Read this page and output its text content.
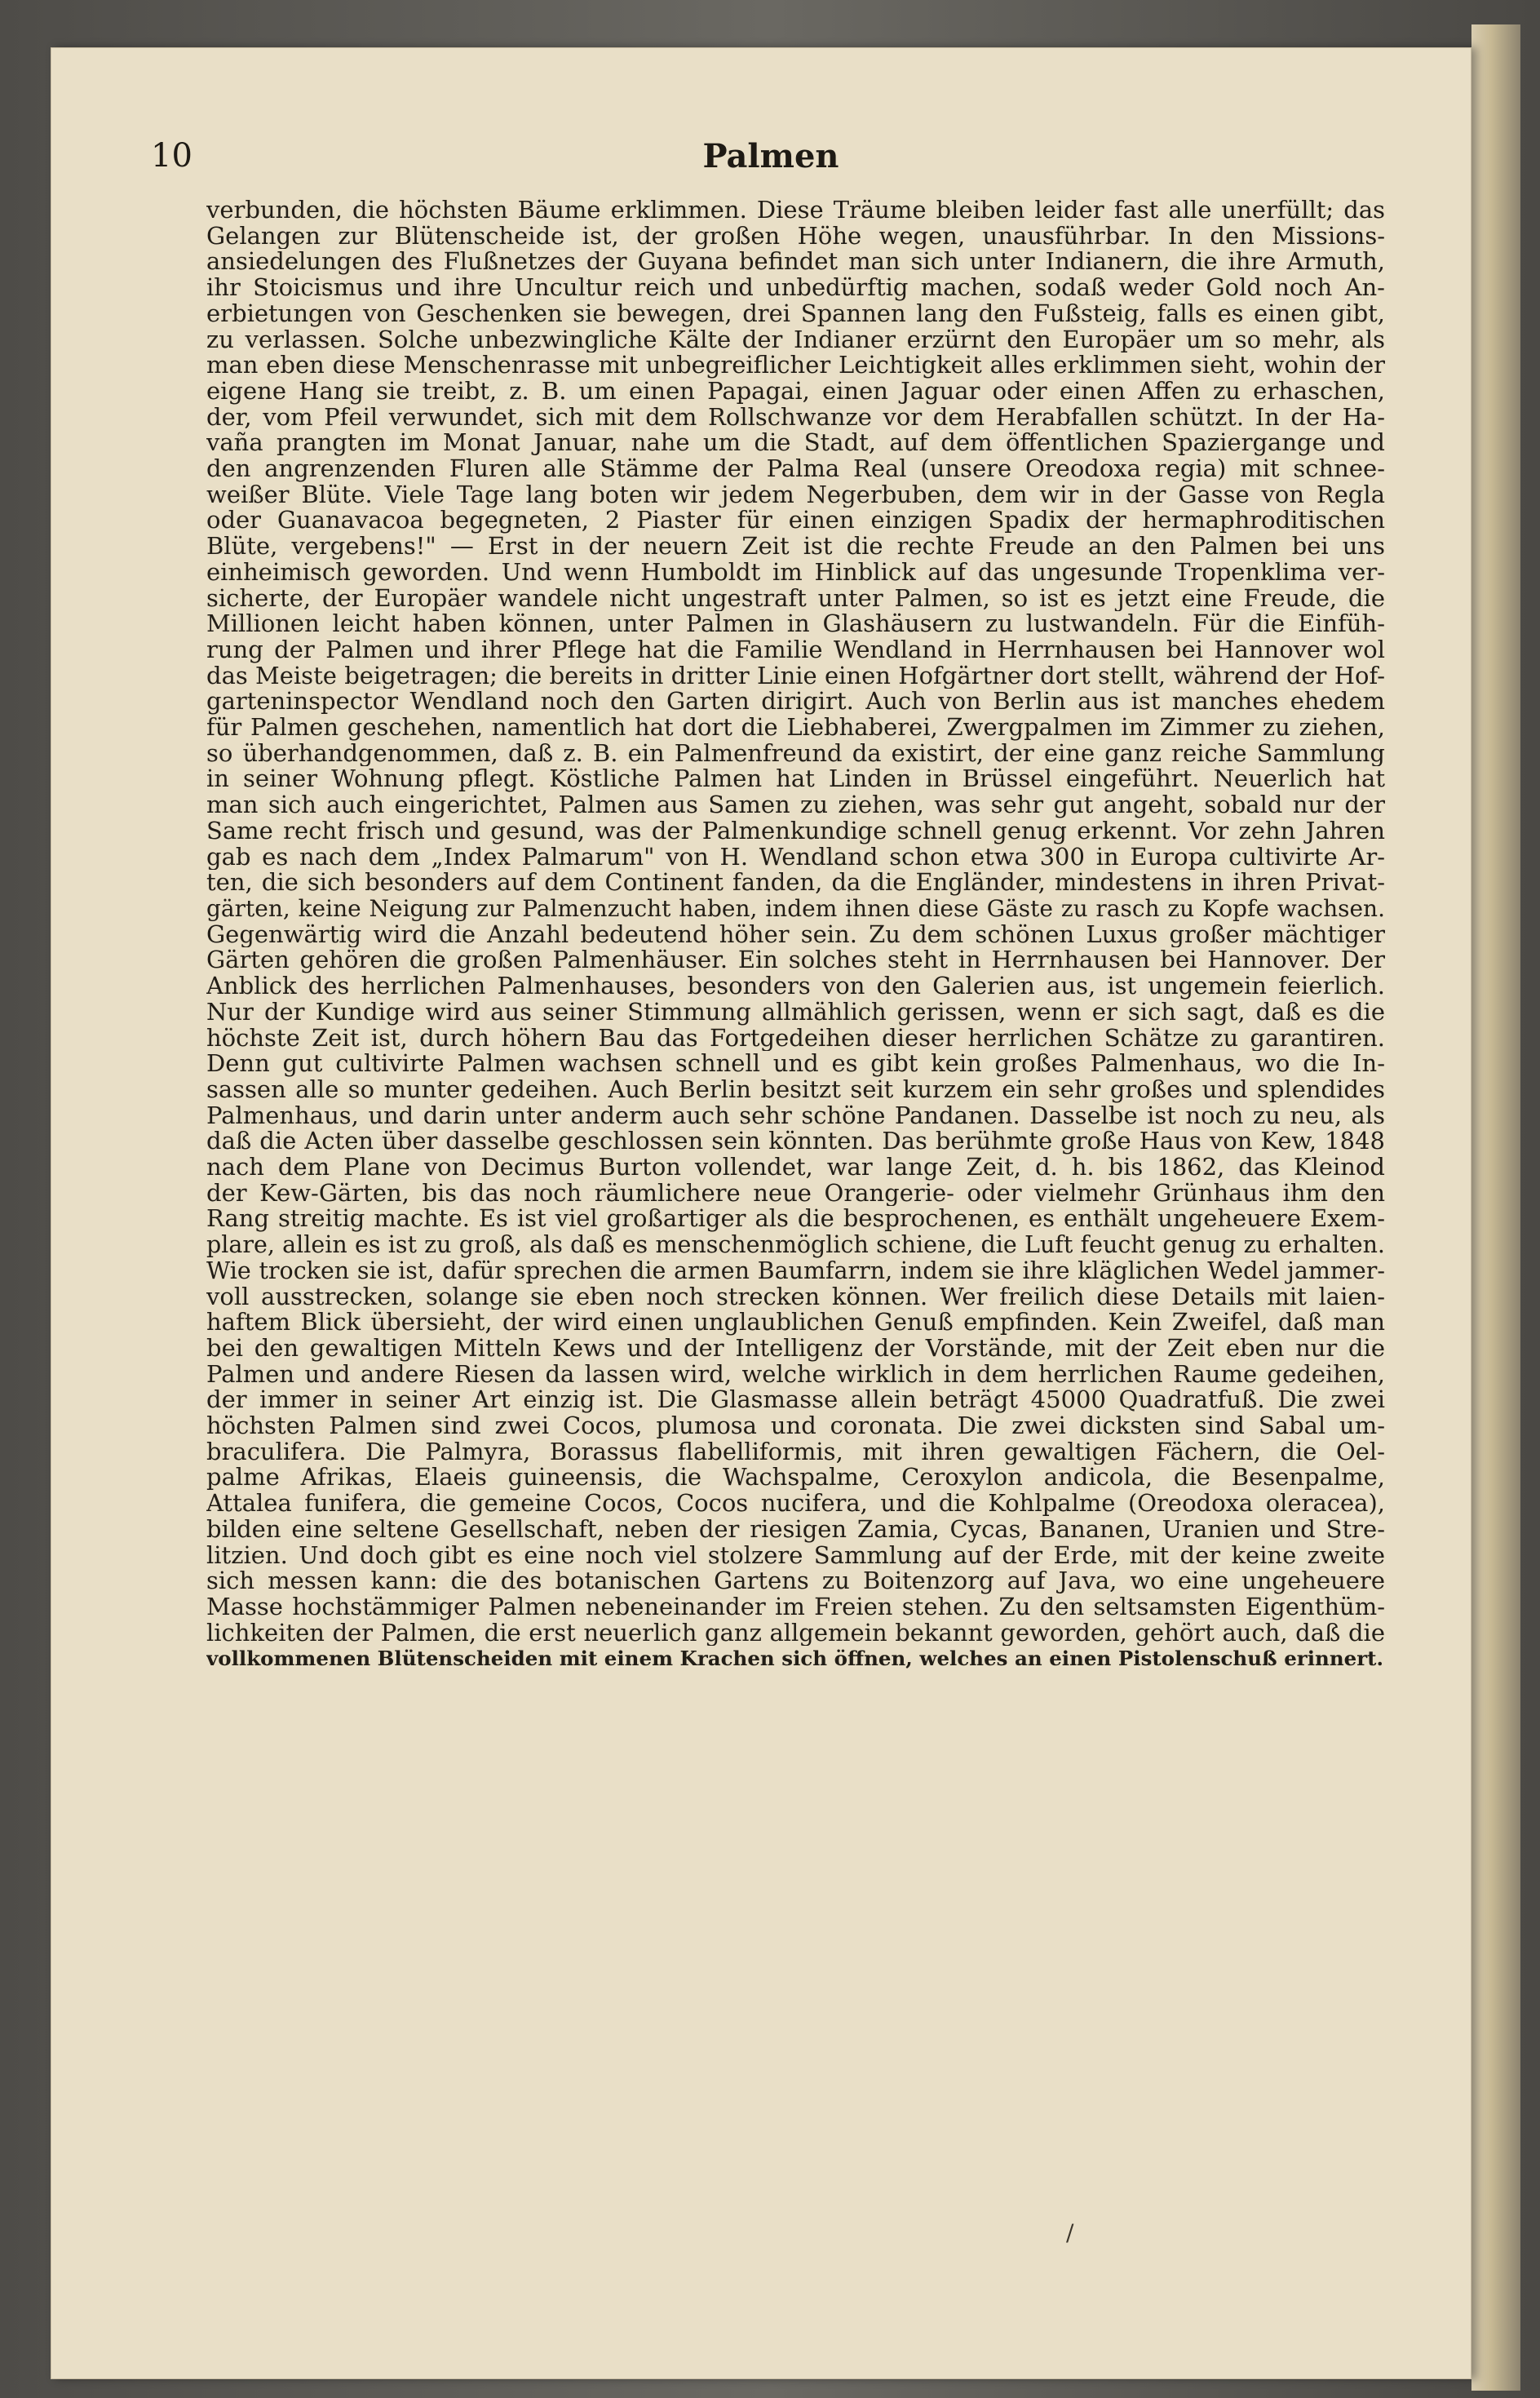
10	Palmen
verbunden, die höchsten Bäume erklimmen. Diese Träume bleiben leider fast alle unerfüllt; das
Gelangen zur Blütenscheide ist, der großen Höhe wegen, unausführbar. In den Missions-
ansiedelungen des Flußnetzes der Guyana befindet man sich unter Indianern, die ihre Armuth,
ihr Stoicismus und ihre Uncultur reich und unbedürftig machen, sodaß weder Gold noch An-
erbietungen von Geschenken sie bewegen, drei Spannen lang den Fußsteig, falls es einen gibt,
zu verlassen. Solche unbezwingliche Kälte der Indianer erzürnt den Europäer um so mehr, als
man eben diese Menschenrasse mit unbegreiflicher Leichtigkeit alles erklimmen sieht, wohin der
eigene Hang sie treibt, z. B. um einen Papagai, einen Jaguar oder einen Affen zu erhaschen,
der, vom Pfeil verwundet, sich mit dem Rollschwanze vor dem Herabfallen schützt. In der Ha-
vaña prangten im Monat Januar, nahe um die Stadt, auf dem öffentlichen Spaziergange und
den angrenzenden Fluren alle Stämme der Palma Real (unsere Oreodoxa regia) mit schnee-
weißer Blüte. Viele Tage lang boten wir jedem Negerbuben, dem wir in der Gasse von Regla
oder Guanavacoa begegneten, 2 Piaster für einen einzigen Spadix der hermaphroditischen
Blüte, vergebens!" — Erst in der neuern Zeit ist die rechte Freude an den Palmen bei uns
einheimisch geworden. Und wenn Humboldt im Hinblick auf das ungesunde Tropenklima ver-
sicherte, der Europäer wandele nicht ungestraft unter Palmen, so ist es jetzt eine Freude, die
Millionen leicht haben können, unter Palmen in Glashäusern zu lustwandeln. Für die Einfüh-
rung der Palmen und ihrer Pflege hat die Familie Wendland in Herrnhausen bei Hannover wol
das Meiste beigetragen; die bereits in dritter Linie einen Hofgärtner dort stellt, während der Hof-
garteninspector Wendland noch den Garten dirigirt. Auch von Berlin aus ist manches ehedem
für Palmen geschehen, namentlich hat dort die Liebhaberei, Zwergpalmen im Zimmer zu ziehen,
so überhandgenommen, daß z. B. ein Palmenfreund da existirt, der eine ganz reiche Sammlung
in seiner Wohnung pflegt. Köstliche Palmen hat Linden in Brüssel eingeführt. Neuerlich hat
man sich auch eingerichtet, Palmen aus Samen zu ziehen, was sehr gut angeht, sobald nur der
Same recht frisch und gesund, was der Palmenkundige schnell genug erkennt. Vor zehn Jahren
gab es nach dem „Index Palmarum" von H. Wendland schon etwa 300 in Europa cultivirte Ar-
ten, die sich besonders auf dem Continent fanden, da die Engländer, mindestens in ihren Privat-
gärten, keine Neigung zur Palmenzucht haben, indem ihnen diese Gäste zu rasch zu Kopfe wachsen.
Gegenwärtig wird die Anzahl bedeutend höher sein. Zu dem schönen Luxus großer mächtiger
Gärten gehören die großen Palmenhäuser. Ein solches steht in Herrnhausen bei Hannover. Der
Anblick des herrlichen Palmenhauses, besonders von den Galerien aus, ist ungemein feierlich.
Nur der Kundige wird aus seiner Stimmung allmählich gerissen, wenn er sich sagt, daß es die
höchste Zeit ist, durch höhern Bau das Fortgedeihen dieser herrlichen Schätze zu garantiren.
Denn gut cultivirte Palmen wachsen schnell und es gibt kein großes Palmenhaus, wo die In-
sassen alle so munter gedeihen. Auch Berlin besitzt seit kurzem ein sehr großes und splendides
Palmenhaus, und darin unter anderm auch sehr schöne Pandanen. Dasselbe ist noch zu neu, als
daß die Acten über dasselbe geschlossen sein könnten. Das berühmte große Haus von Kew, 1848
nach dem Plane von Decimus Burton vollendet, war lange Zeit, d. h. bis 1862, das Kleinod
der Kew-Gärten, bis das noch räumlichere neue Orangerie- oder vielmehr Grünhaus ihm den
Rang streitig machte. Es ist viel großartiger als die besprochenen, es enthält ungeheuere Exem-
plare, allein es ist zu groß, als daß es menschenmöglich schiene, die Luft feucht genug zu erhalten.
Wie trocken sie ist, dafür sprechen die armen Baumfarrn, indem sie ihre kläglichen Wedel jammer-
voll ausstrecken, solange sie eben noch strecken können. Wer freilich diese Details mit laien-
haftem Blick übersieht, der wird einen unglaublichen Genuß empfinden. Kein Zweifel, daß man
bei den gewaltigen Mitteln Kews und der Intelligenz der Vorstände, mit der Zeit eben nur die
Palmen und andere Riesen da lassen wird, welche wirklich in dem herrlichen Raume gedeihen,
der immer in seiner Art einzig ist. Die Glasmasse allein beträgt 45000 Quadratfuß. Die zwei
höchsten Palmen sind zwei Cocos, plumosa und coronata. Die zwei dicksten sind Sabal um-
braculifera. Die Palmyra, Borassus flabelliformis, mit ihren gewaltigen Fächern, die Oel-
palme Afrikas, Elaeis guineensis, die Wachspalme, Ceroxylon andicola, die Besenpalme,
Attalea funifera, die gemeine Cocos, Cocos nucifera, und die Kohlpalme (Oreodoxa oleracea),
bilden eine seltene Gesellschaft, neben der riesigen Zamia, Cycas, Bananen, Uranien und Stre-
litzien. Und doch gibt es eine noch viel stolzere Sammlung auf der Erde, mit der keine zweite
sich messen kann: die des botanischen Gartens zu Boitenzorg auf Java, wo eine ungeheuere
Masse hochstämmiger Palmen nebeneinander im Freien stehen. Zu den seltsamsten Eigenthüm-
lichkeiten der Palmen, die erst neuerlich ganz allgemein bekannt geworden, gehört auch, daß die
vollkommenen Blütenscheiden mit einem Krachen sich öffnen, welches an einen Pistolenschuß erinnert.
/
